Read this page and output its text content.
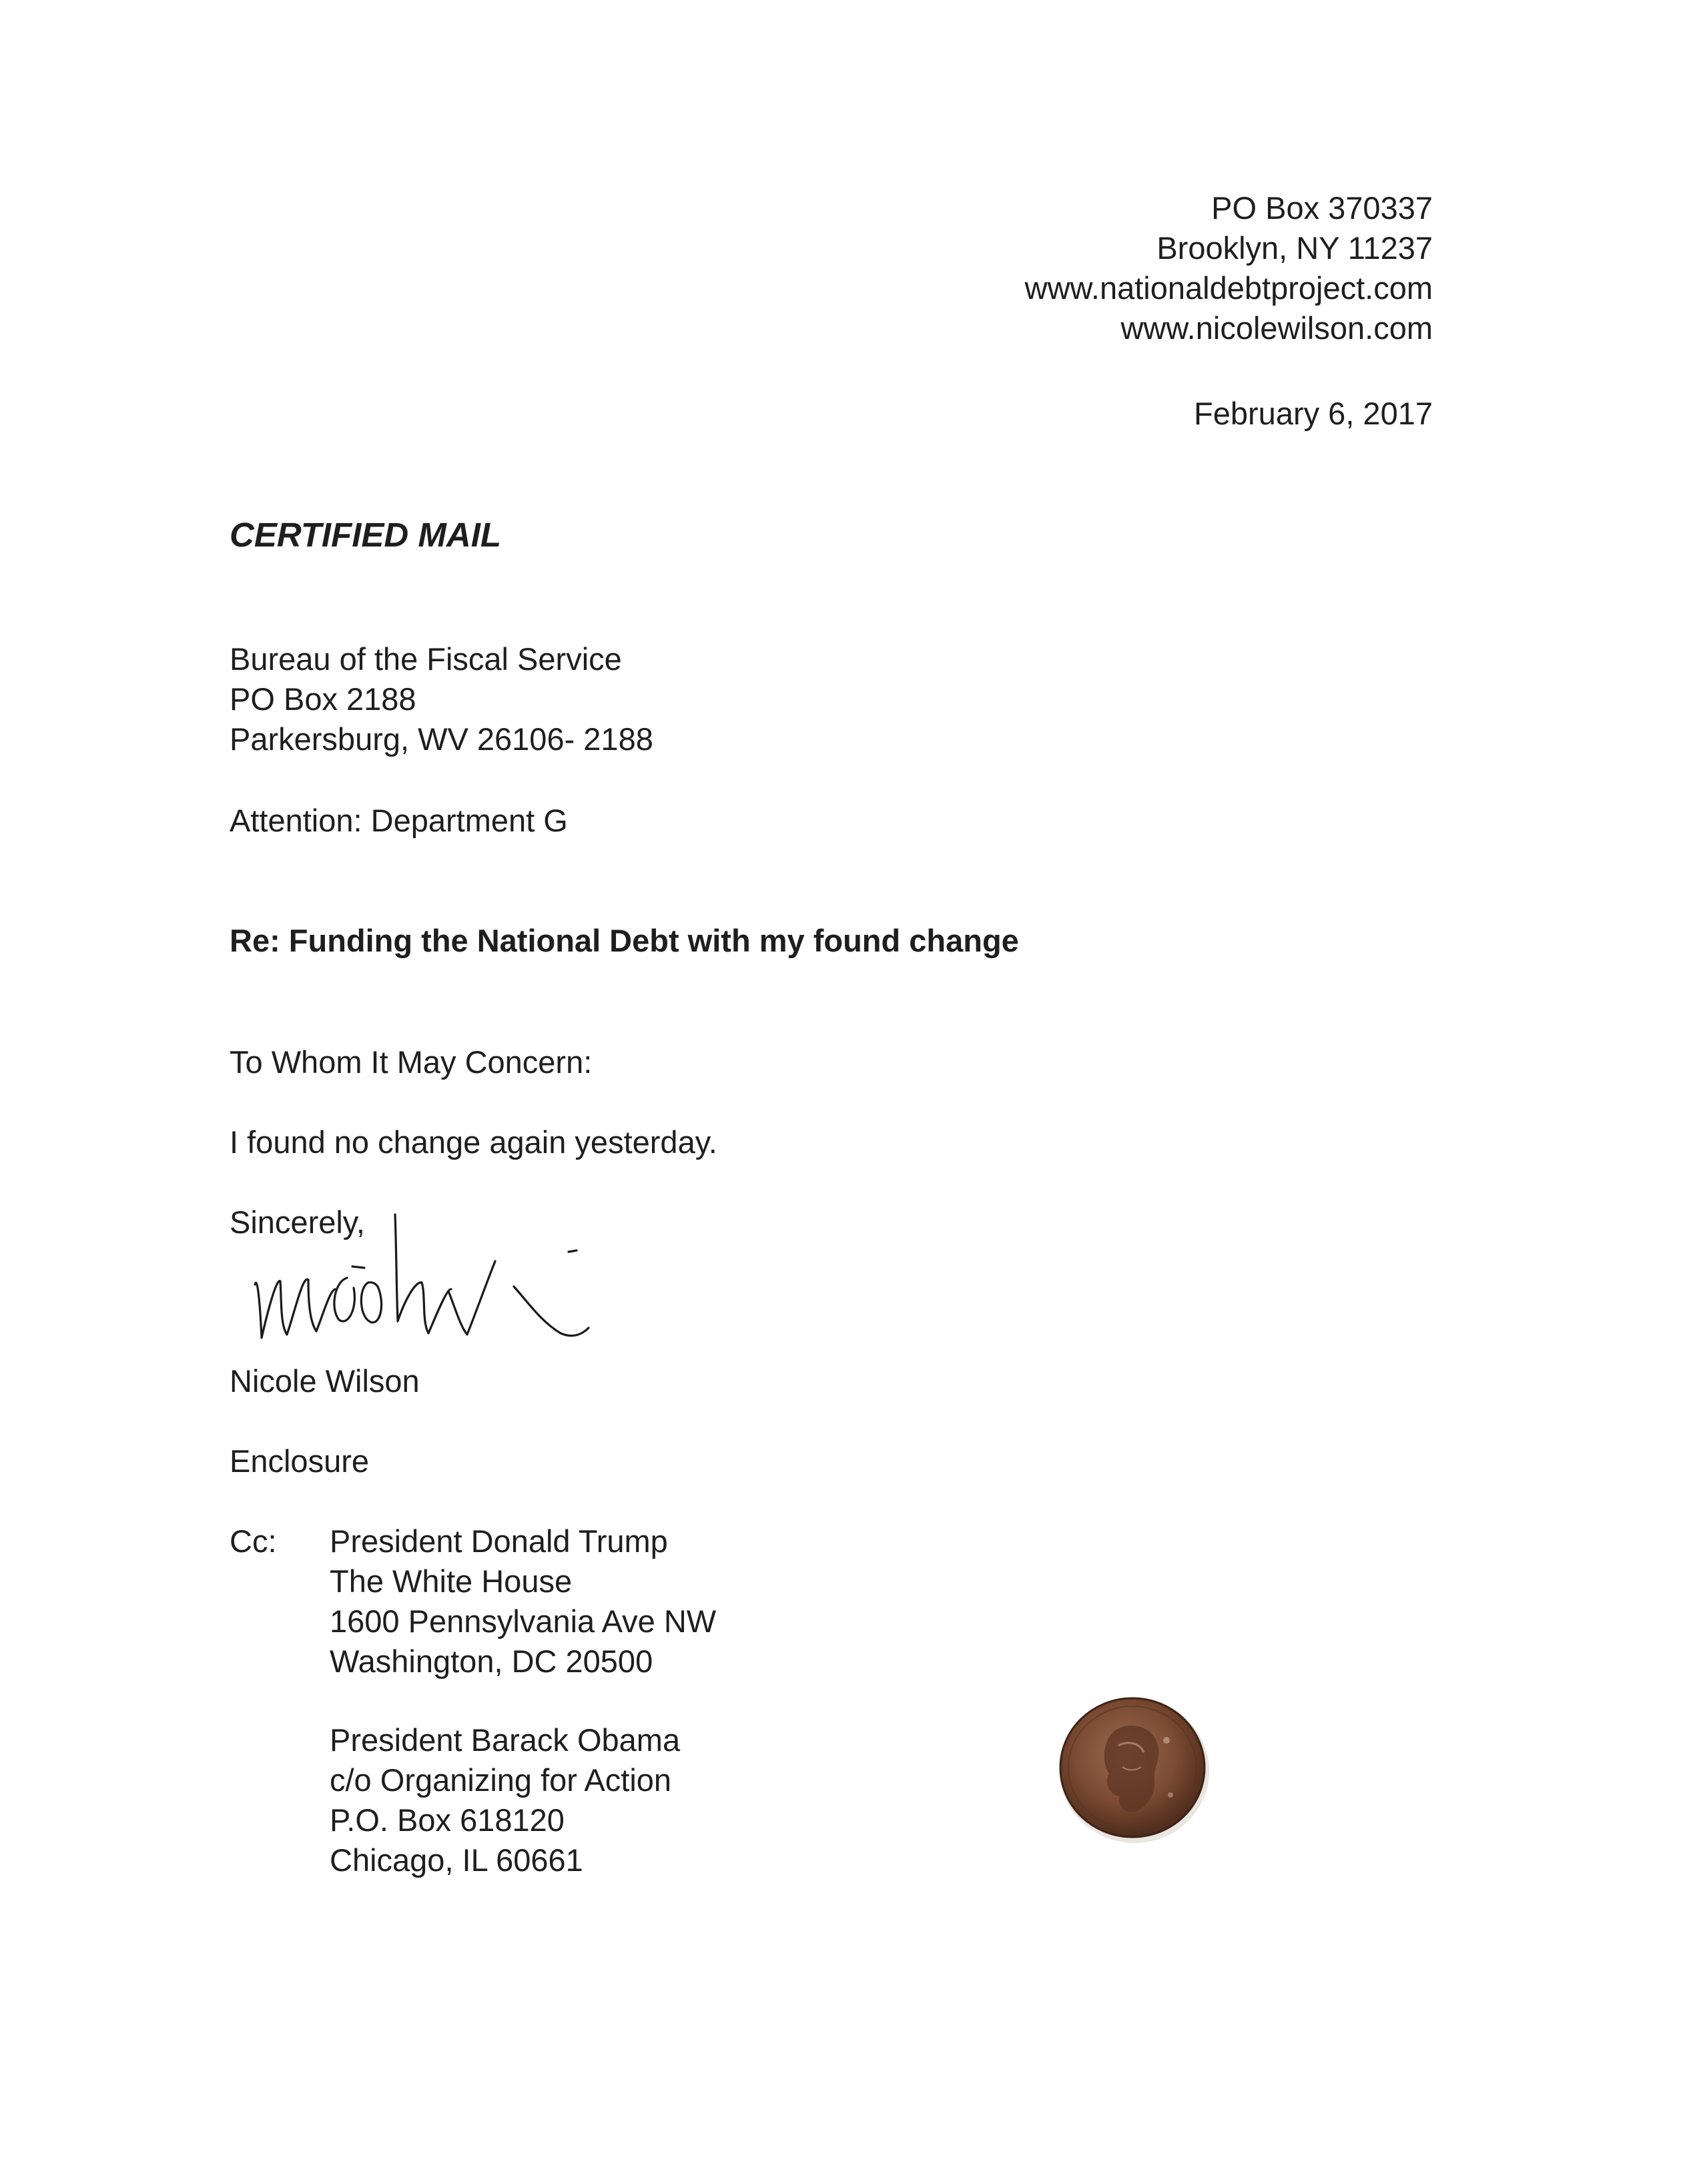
PO Box 370337
Brooklyn, NY 11237
www.nationaldebtproject.com
www.nicolewilson.com
February 6, 2017
CERTIFIED MAIL
Bureau of the Fiscal Service
PO Box 2188
Parkersburg, WV 26106- 2188
Attention: Department G
Re: Funding the National Debt with my found change
To Whom It May Concern:
I found no change again yesterday.
Sincerely,
Nicole Wilson
Enclosure
Cc: President Donald Trump
The White House
1600 Pennsylvania Ave NW
Washington, DC 20500
President Barack Obama
c/o Organizing for Action
P.O. Box 618120
Chicago, IL 60661
